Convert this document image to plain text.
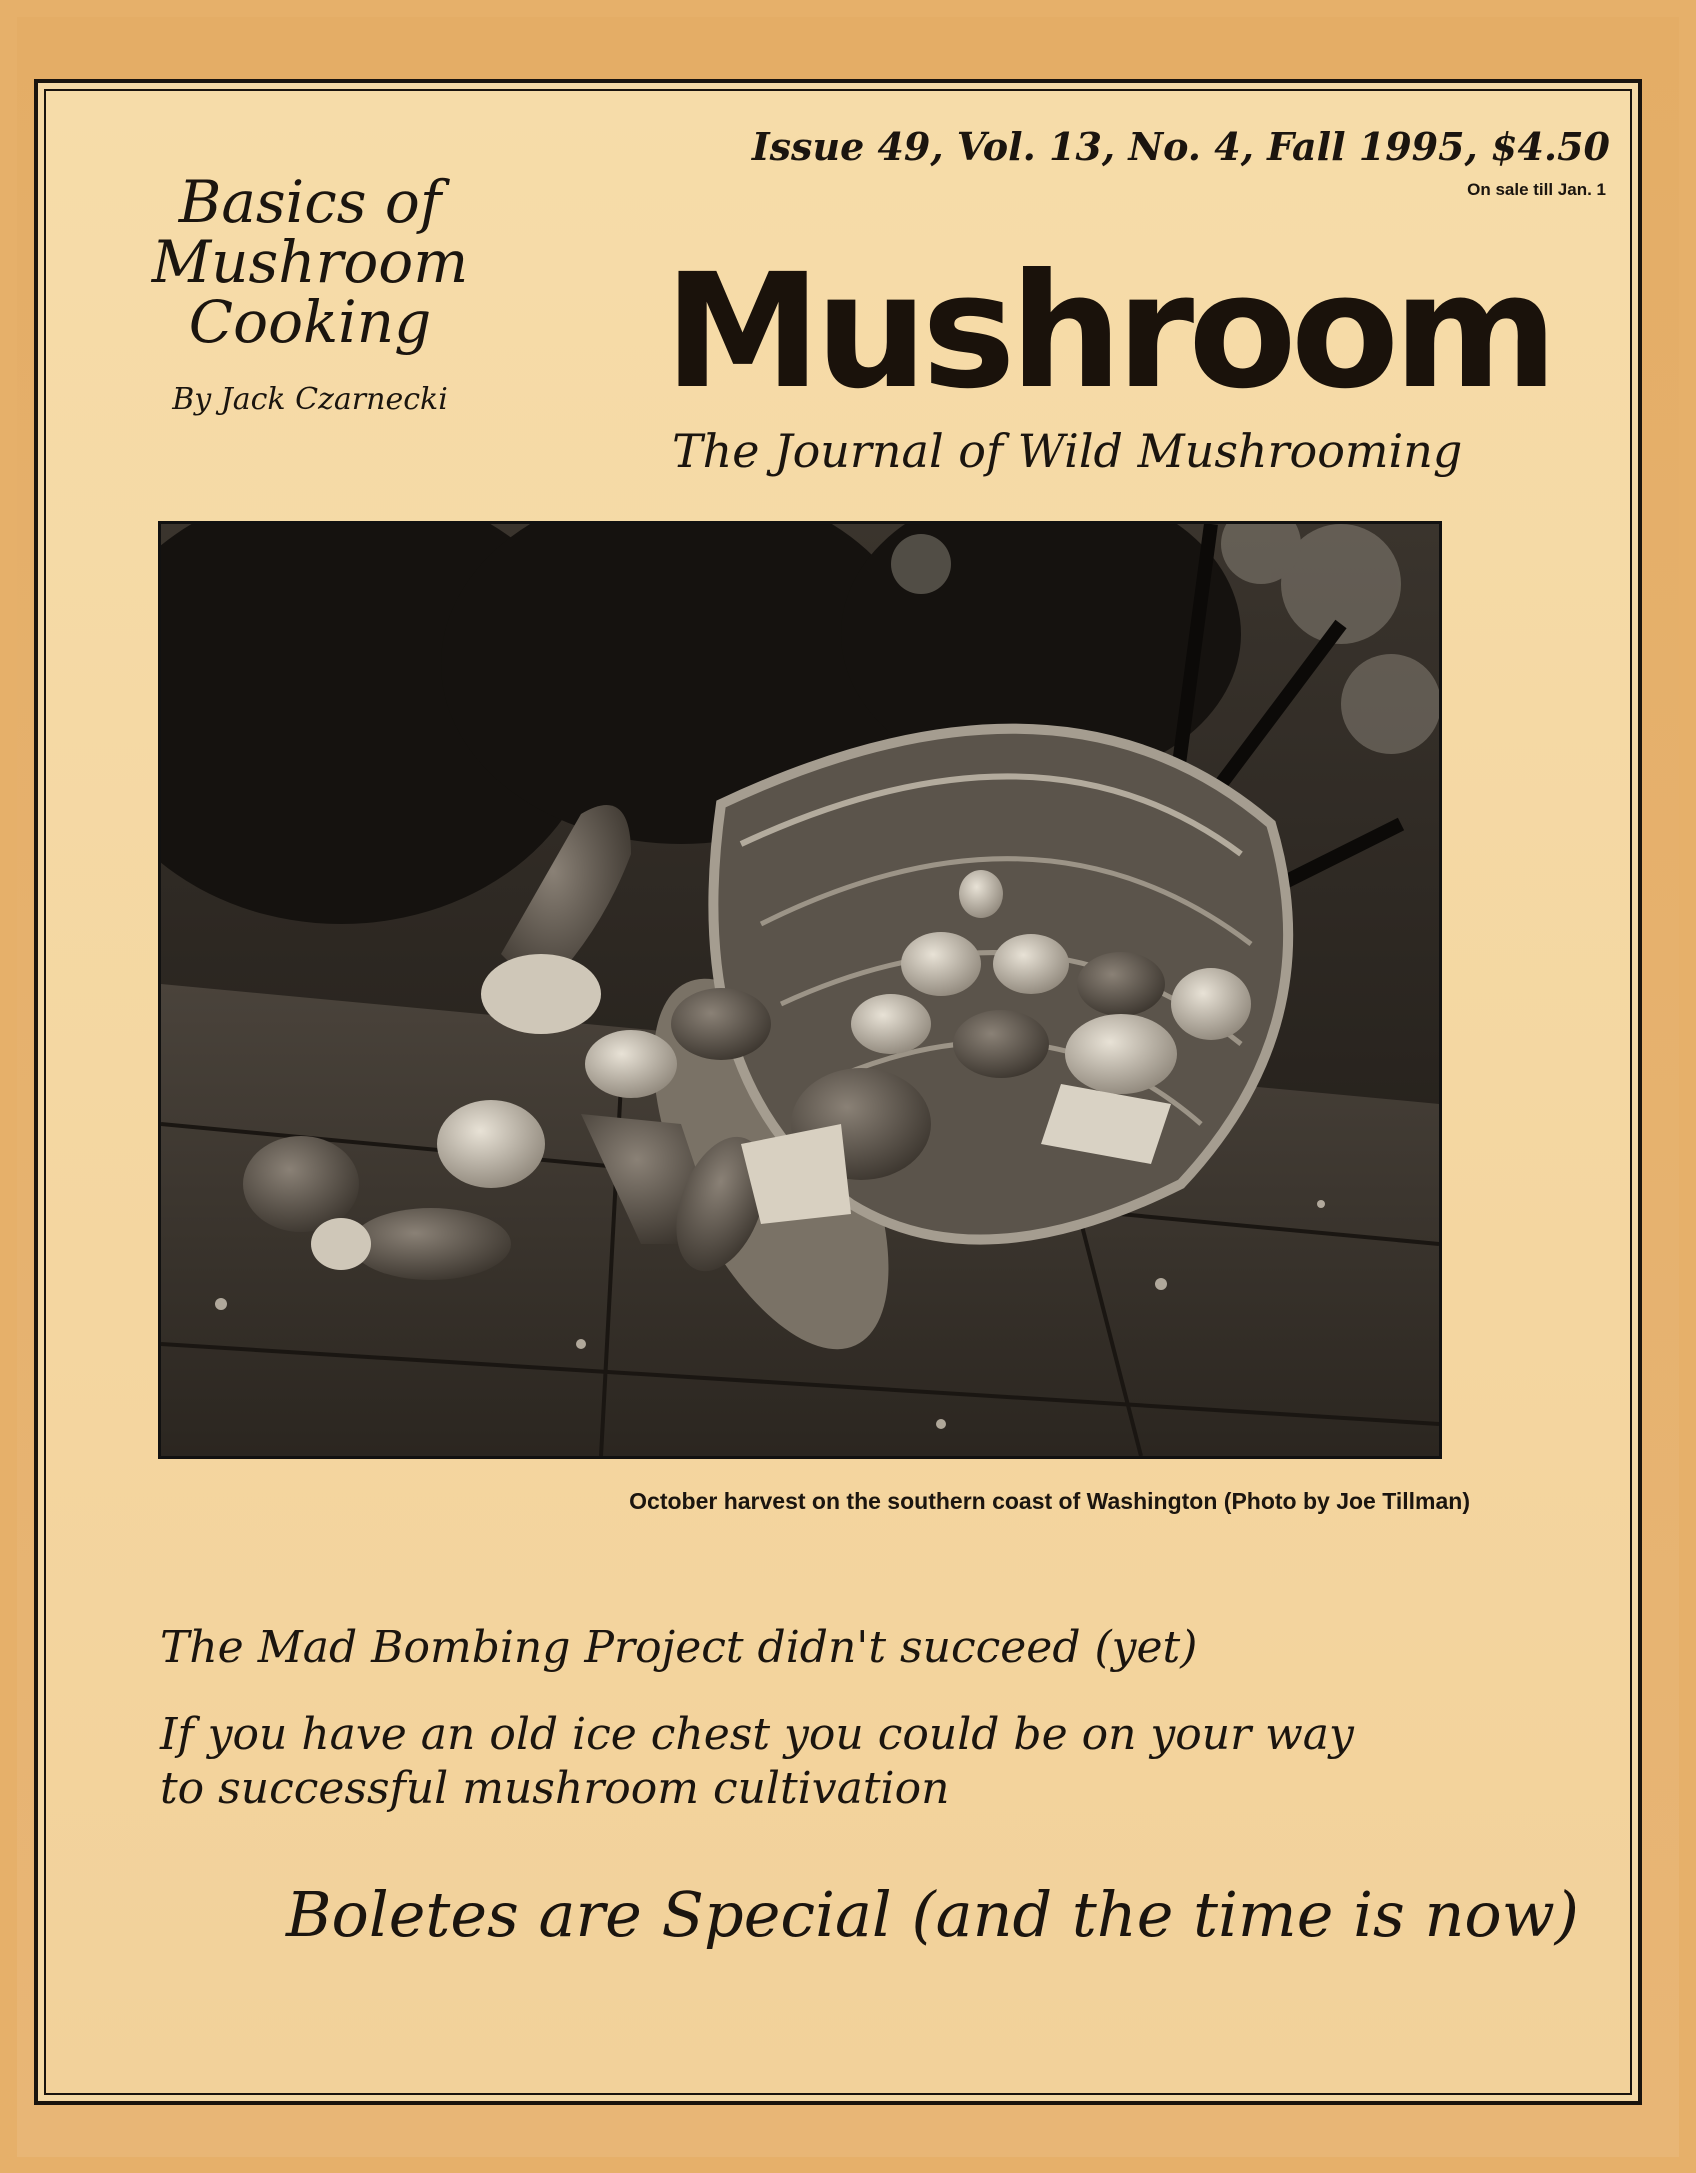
Issue 49, Vol. 13, No. 4, Fall 1995, $4.50
On sale till Jan. 1

Basics of

Mushroom

Cooking

By Jack Czarnecki Mushroom
The Journal of Wild Mushrooming
October harvest on the southern coast of Washington (Photo by Joe Tillman)
The Mad Bombing Project didn't succeed (yet)
If you have an old ice chest you could be on your way
to successful mushroom cultivation
Boletes are Special (and the time is now)
